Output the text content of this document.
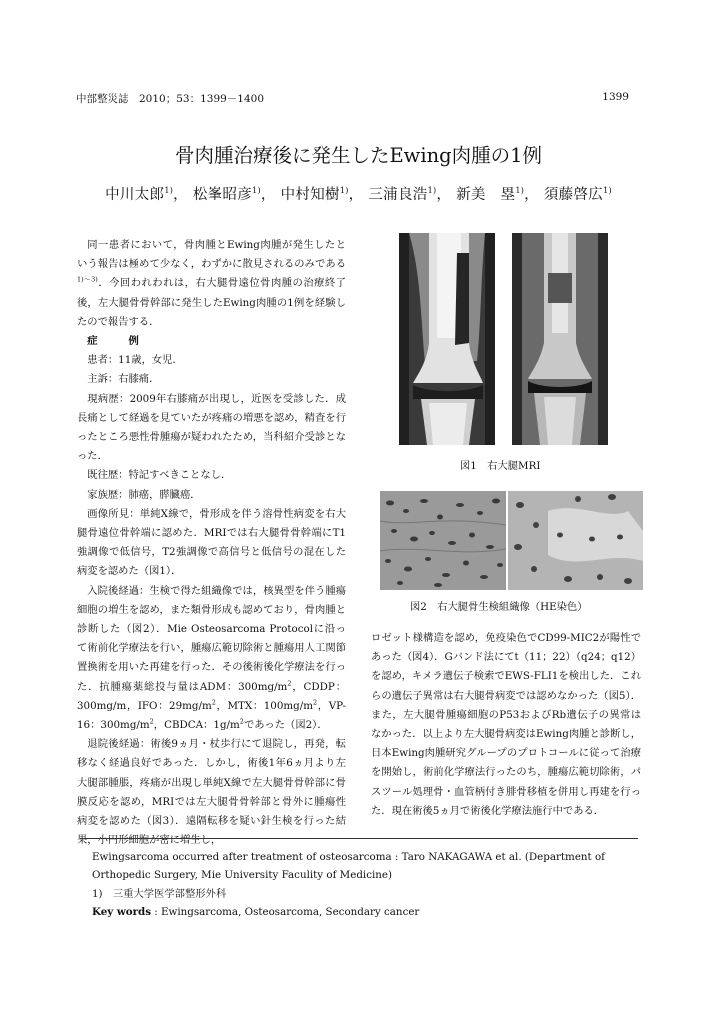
中部整災誌　2010；53：1399－1400	1399
骨肉腫治療後に発生したEwing肉腫の1例
中川太郎$^{1)}$， 松峯昭彦$^{1)}$， 中村知樹$^{1)}$， 三浦良浩$^{1)}$， 新美　塁$^{1)}$， 須藤啓広$^{1)}$

同一患者において，骨肉腫とEwing肉腫が発生したという報告は極めて少なく，わずかに散見されるのみである$^{1)\sim 3)}$．今回われわれは，右大腿骨遠位骨肉腫の治療終了後，左大腿骨骨幹部に発生したEwing肉腫の1例を経験したので報告する．

症　　　例

患者：11歳，女児．

主訴：右膝痛．

現病歴：2009年右膝痛が出現し，近医を受診した．成長痛として経過を見ていたが疼痛の増悪を認め，精査を行ったところ悪性骨腫瘍が疑われたため，当科紹介受診となった．

既往歴：特記すべきことなし．

家族歴：肺癌，膵臓癌．

画像所見：単純X線で，骨形成を伴う溶骨性病変を右大腿骨遠位骨幹端に認めた．MRIでは右大腿骨骨幹端にT1強調像で低信号，T2強調像で高信号と低信号の混在した病変を認めた（図1）．

入院後経過：生検で得た組織像では，核異型を伴う腫瘍細胞の増生を認め，また類骨形成も認めており，骨肉腫と診断した（図2）．Mie Osteosarcoma Protocolに沿って術前化学療法を行い，腫瘍広範切除術と腫瘍用人工関節置換術を用いた再建を行った．その後術後化学療法を行った．抗腫瘍薬総投与量はADM：$300mg/m^2$，CDDP：300mg/m，IFO：$29mg/m^2$，MTX：$100mg/m^2$，VP-16：$300mg/m^2$，CBDCA：$1g/m^2$であった（図2）．

退院後経過：術後9ヵ月・杖歩行にて退院し，再発，転移なく経過良好であった．しかし，術後1年6ヵ月より左大腿部腫脹，疼痛が出現し単純X線で左大腿骨骨幹部に骨膜反応を認め，MRIでは左大腿骨骨幹部と骨外に腫瘍性病変を認めた（図3）．遠隔転移を疑い針生検を行った結果，小円形細胞が密に増生し，

図1　右大腿MRI
図2　右大腿骨生検組織像（HE染色）

ロゼット様構造を認め，免疫染色でCD99-MIC2が陽性であった（図4）．Gバンド法にてt（11；22）（q24；q12）を認め，キメラ遺伝子検索でEWS-FLI1を検出した．これらの遺伝子異常は右大腿骨病変では認めなかった（図5）．また，左大腿骨腫瘍細胞のP53およびRb遺伝子の異常はなかった．以上より左大腿骨病変はEwing肉腫と診断し，日本Ewing肉腫研究グループのプロトコールに従って治療を開始し，術前化学療法行ったのち，腫瘍広範切除術，パスツール処理骨・血管柄付き腓骨移植を併用し再建を行った．現在術後5ヵ月で術後化学療法施行中である．

Ewingsarcoma occurred after treatment of osteosarcoma : Taro NAKAGAWA et al. (Department of Orthopedic Surgery, Mie University Faculity of Medicine)
1)　三重大学医学部整形外科
Key words : Ewingsarcoma, Osteosarcoma, Secondary cancer
